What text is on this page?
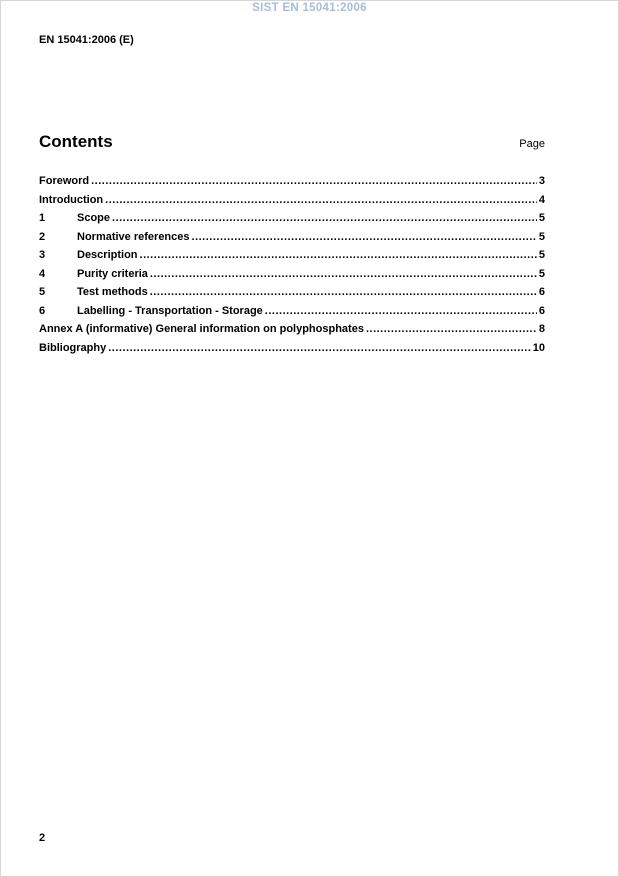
SIST EN 15041:2006
EN 15041:2006 (E)
Contents	Page
Foreword .....	3
Introduction .....	4
1	Scope .....	5
2	Normative references .....	5
3	Description .....	5
4	Purity criteria .....	5
5	Test methods .....	6
6	Labelling - Transportation - Storage .....	6
Annex A (informative) General information on polyphosphates .....	8
Bibliography .....	10
2
